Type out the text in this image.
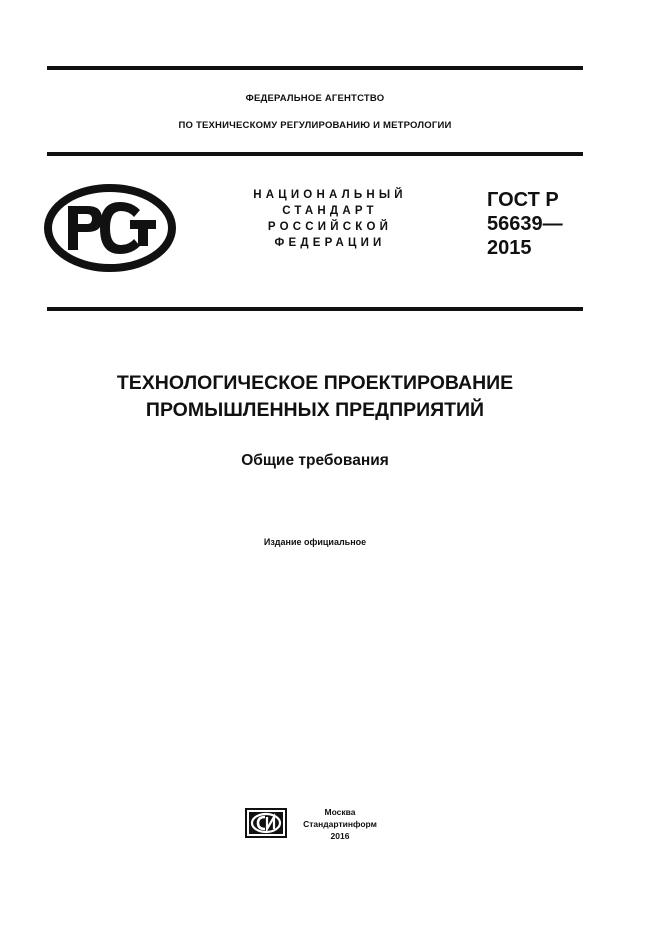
ФЕДЕРАЛЬНОЕ АГЕНТСТВО
ПО ТЕХНИЧЕСКОМУ РЕГУЛИРОВАНИЮ И МЕТРОЛОГИИ
НАЦИОНАЛЬНЫЙ
СТАНДАРТ
РОССИЙСКОЙ
ФЕДЕРАЦИИ
ГОСТ Р
56639—
2015
ТЕХНОЛОГИЧЕСКОЕ ПРОЕКТИРОВАНИЕ
ПРОМЫШЛЕННЫХ ПРЕДПРИЯТИЙ
Общие требования
Издание официальное
Москва
Стандартинформ
2016
